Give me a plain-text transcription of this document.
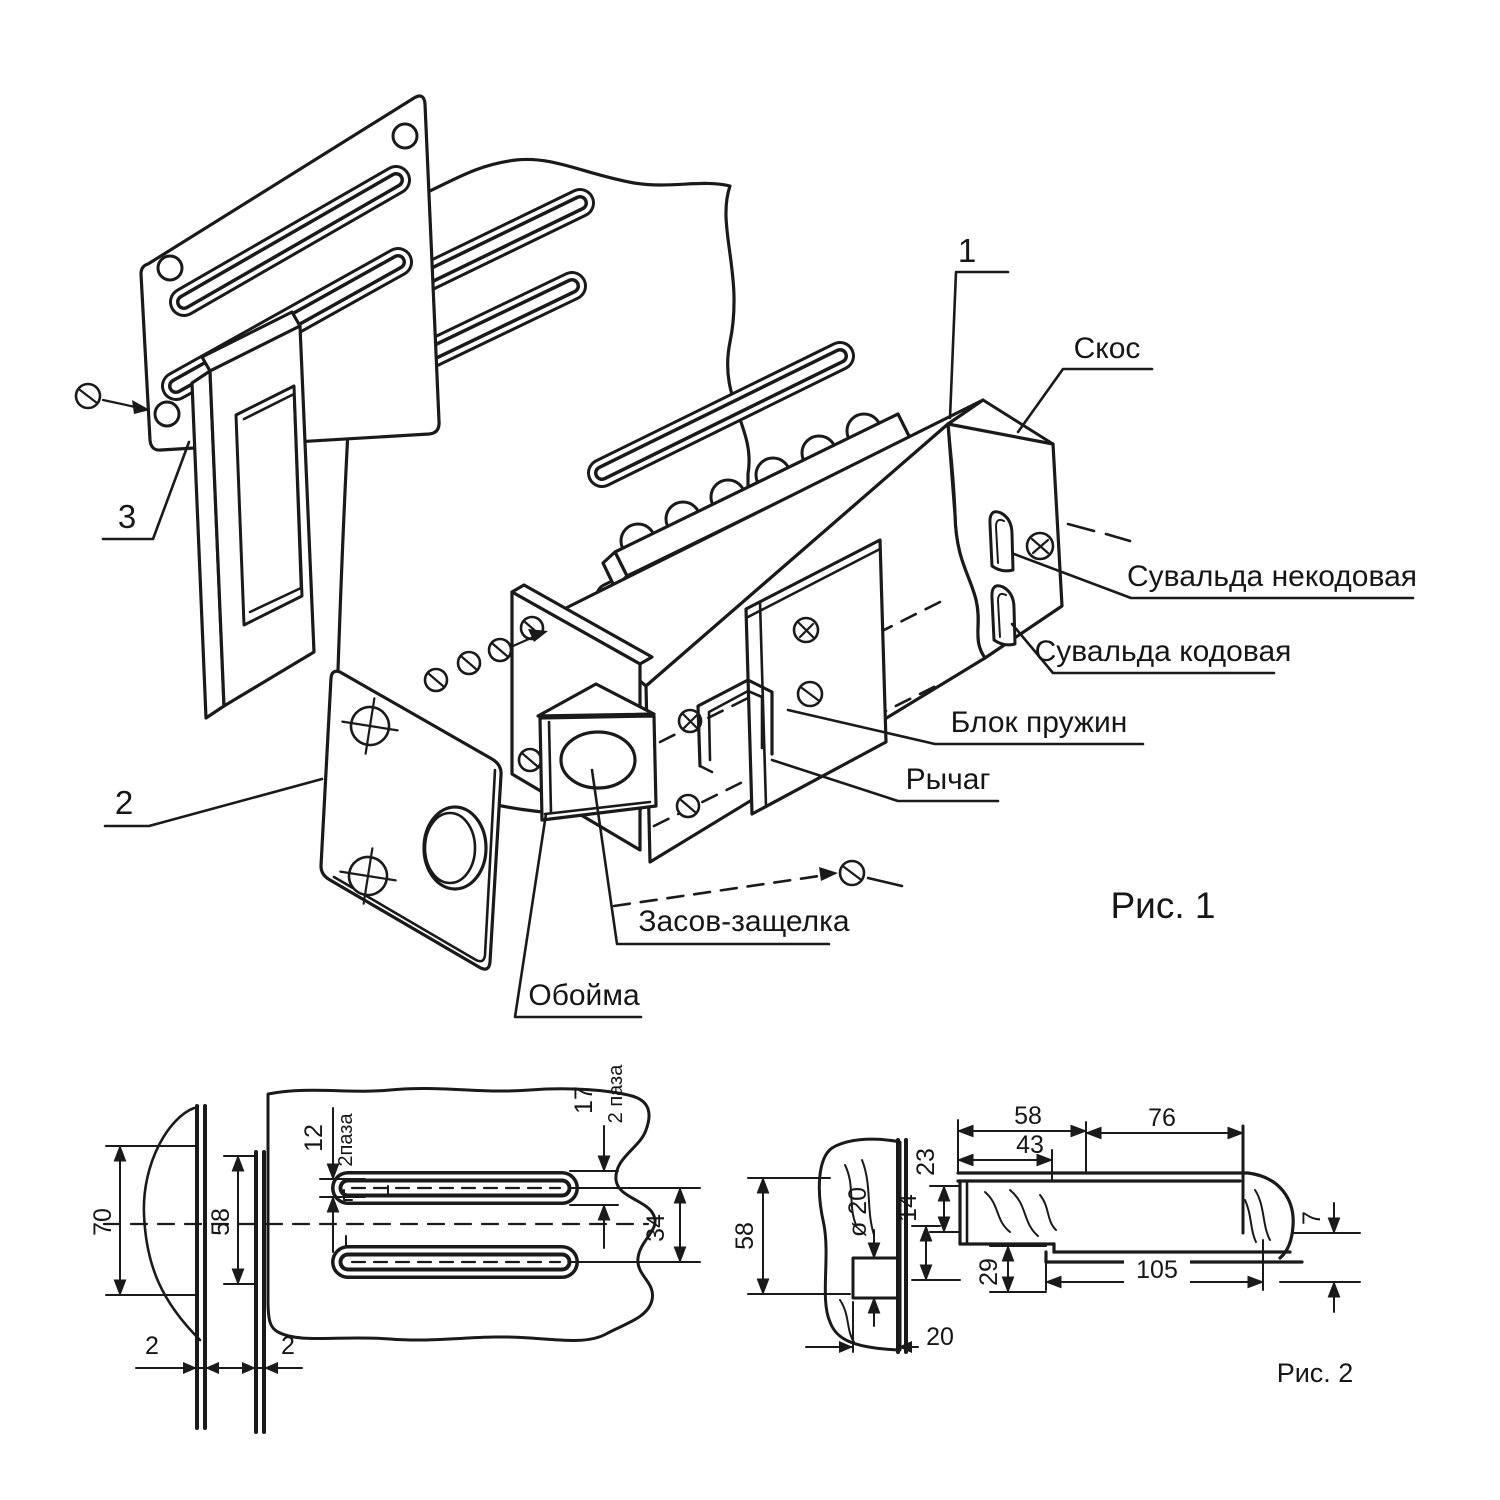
1
Скос
Сувальда некодовая
Сувальда кодовая
Блок пружин
Рычаг
Засов-защелка
Обойма
3
2
Рис. 1
70	58
2	2
12 2паза
17 2 паза
34 58	ø 20
20
23
14
29
58
43
76
105
7
Рис. 2
